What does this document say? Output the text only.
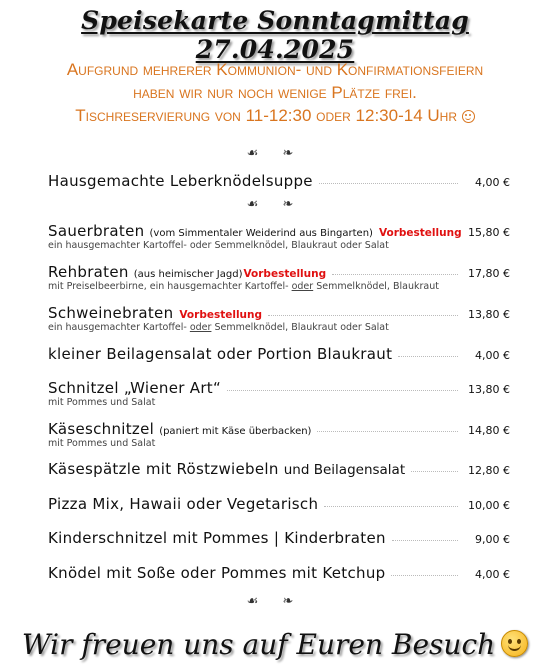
Speisekarte Sonntagmittag 27.04.2025
Aufgrund mehrerer Kommunion- und Konfirmationsfeiern
haben wir nur noch wenige Plätze frei.
Tischreservierung von 11-12:30 oder 12:30-14 Uhr
☙ ❧
Hausgemachte Leberknödelsuppe	4,00 €
☙ ❧
Sauerbraten (vom Simmentaler Weiderind aus Bingarten) Vorbestellung 15,80 €
ein hausgemachter Kartoffel- oder Semmelknödel, Blaukraut oder Salat
Rehbraten (aus heimischer Jagd) Vorbestellung	17,80 €
mit Preiselbeerbirne, ein hausgemachter Kartoffel- oder Semmelknödel, Blaukraut
Schweinebraten Vorbestellung	13,80 €
ein hausgemachter Kartoffel- oder Semmelknödel, Blaukraut oder Salat
kleiner Beilagensalat oder Portion Blaukraut	4,00 €
Schnitzel „Wiener Art“	13,80 €
mit Pommes und Salat
Käseschnitzel (paniert mit Käse überbacken)	14,80 €
mit Pommes und Salat
Käsespätzle mit Röstzwiebeln und Beilagensalat	12,80 €
Pizza Mix, Hawaii oder Vegetarisch	10,00 €
Kinderschnitzel mit Pommes | Kinderbraten	9,00 €
Knödel mit Soße oder Pommes mit Ketchup	4,00 €
☙ ❧
Wir freuen uns auf Euren Besuch
